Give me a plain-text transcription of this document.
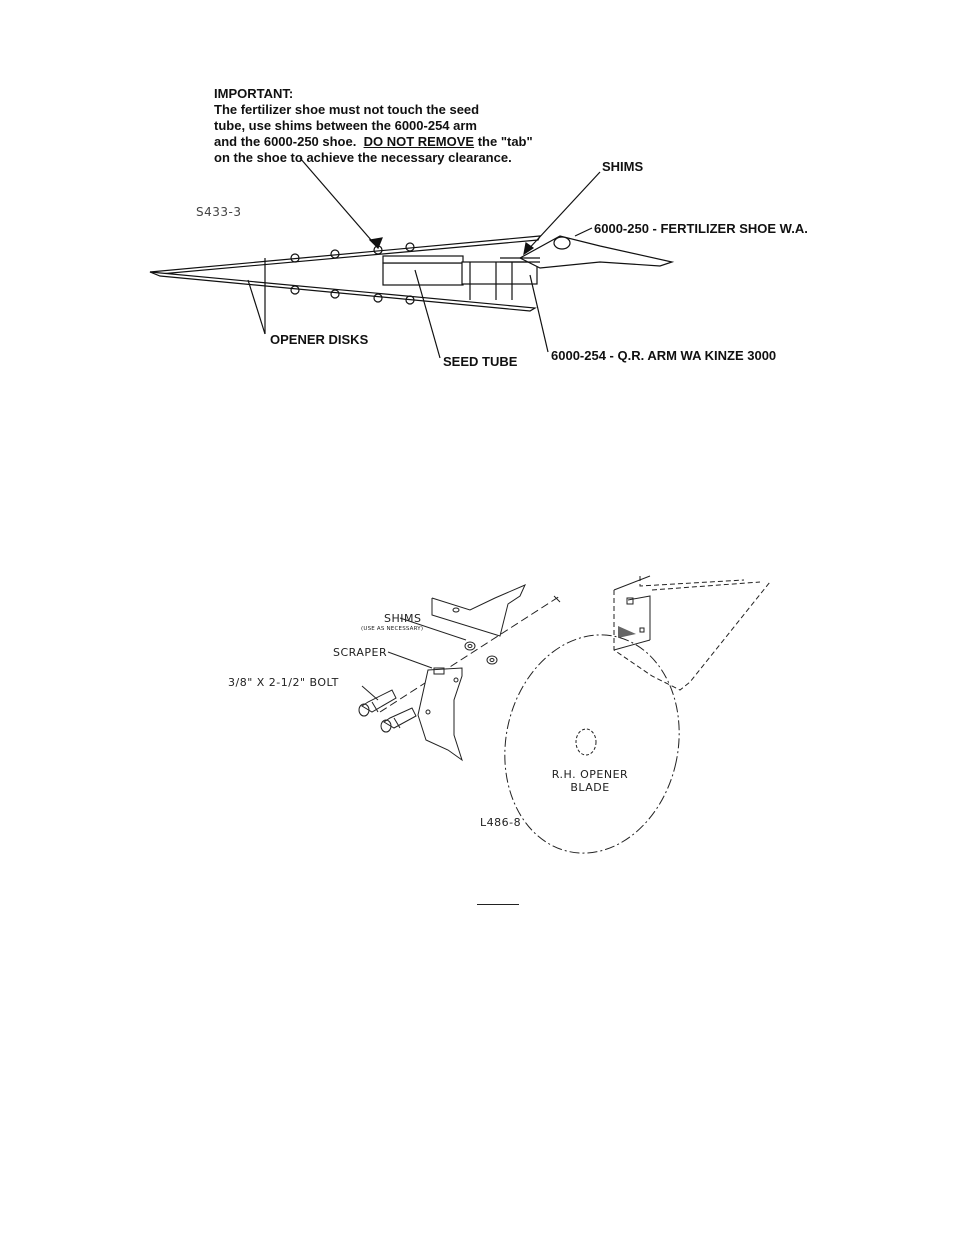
IMPORTANT:
The fertilizer shoe must not touch the seed
tube, use shims between the 6000-254 arm
and the 6000-250 shoe. DO NOT REMOVE the "tab"
on the shoe to achieve the necessary clearance.
S433-3
SHIMS
6000-250 - FERTILIZER SHOE W.A.
OPENER DISKS
SEED TUBE	6000-254 - Q.R. ARM WA KINZE 3000
SHIMS
(USE AS NECESSARY)
SCRAPER
3/8" X 2-1/2" BOLT
R.H. OPENER
BLADE
L486-8
